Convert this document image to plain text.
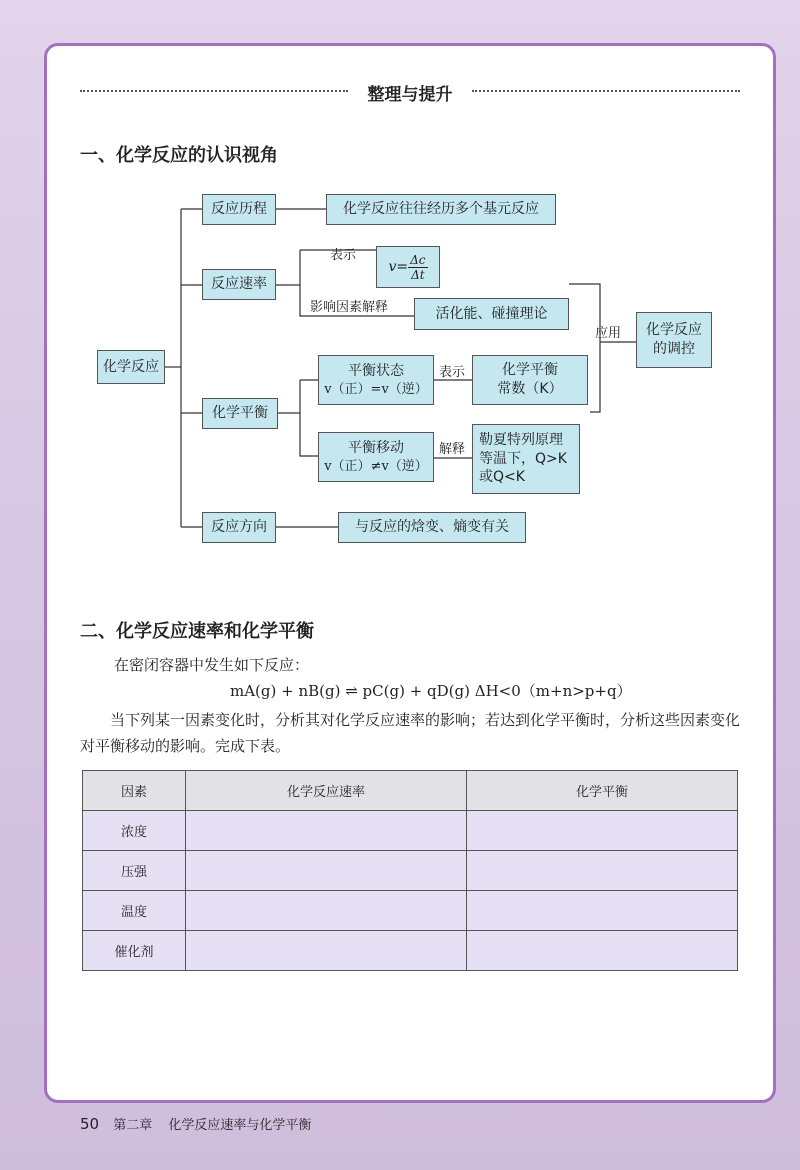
整理与提升
一、化学反应的认识视角
化学反应
反应历程	化学反应往往经历多个基元反应
反应速率
表示
$v= \frac{\Delta c}{\Delta t}$
影响因素解释	活化能、碰撞理论
化学平衡
平衡状态
v（正）=v（逆）
表示	化学平衡
常数（K）
应用 化学反应
的调控
平衡移动
v（正）≠v（逆）
解释
勒夏特列原理
等温下，Q>K
或Q<K
反应方向	与反应的焓变、熵变有关
二、化学反应速率和化学平衡
在密闭容器中发生如下反应：
mA(g) + nB(g) ⇌ pC(g) + qD(g) ΔH<0（m+n>p+q）
当下列某一因素变化时，分析其对化学反应速率的影响；若达到化学平衡时，分析这些因素变化对平衡移动的影响。完成下表。
因素	化学反应速率	化学平衡
浓度		
压强		
温度		
催化剂		
50 第二章 化学反应速率与化学平衡
